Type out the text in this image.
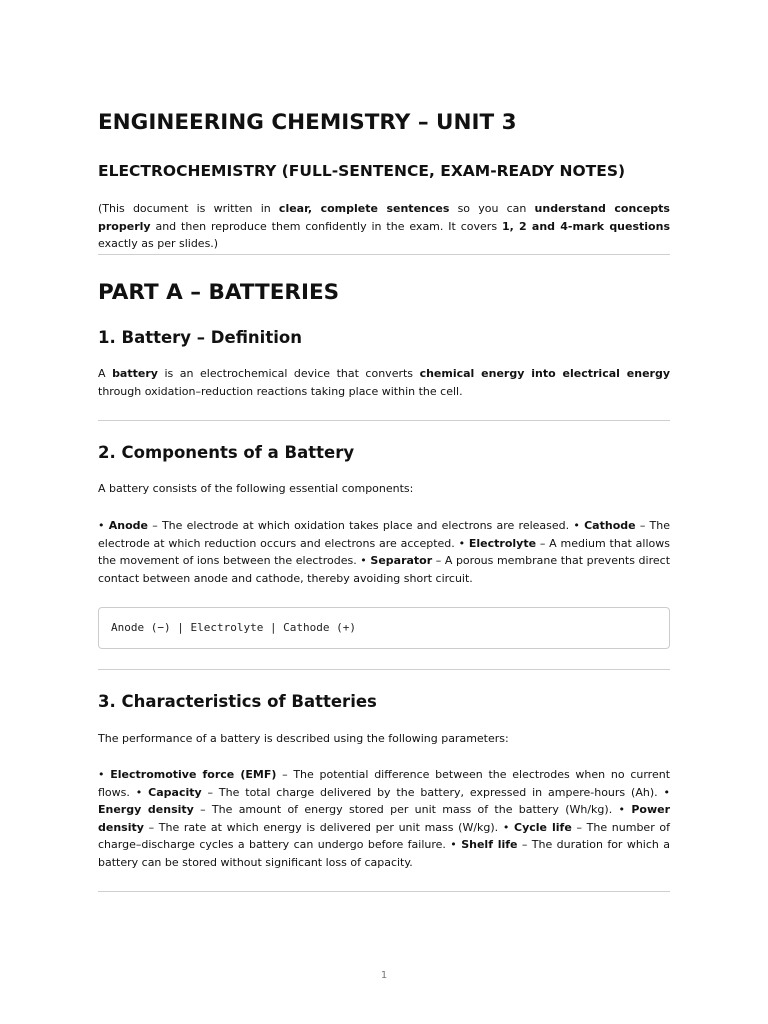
ENGINEERING CHEMISTRY – UNIT 3
ELECTROCHEMISTRY (FULL-SENTENCE, EXAM-READY NOTES)

(This document is written in clear, complete sentences so you can understand concepts properly and then reproduce them confidently in the exam. It covers 1, 2 and 4-mark questions exactly as per slides.)

PART A – BATTERIES
1. Battery – Definition

A battery is an electrochemical device that converts chemical energy into electrical energy through oxidation–reduction reactions taking place within the cell.

2. Components of a Battery

A battery consists of the following essential components:

• Anode – The electrode at which oxidation takes place and electrons are released. • Cathode – The electrode at which reduction occurs and electrons are accepted. • Electrolyte – A medium that allows the movement of ions between the electrodes. • Separator – A porous membrane that prevents direct contact between anode and cathode, thereby avoiding short circuit.

Anode (−) | Electrolyte | Cathode (+)
3. Characteristics of Batteries

The performance of a battery is described using the following parameters:

• Electromotive force (EMF) – The potential difference between the electrodes when no current flows. • Capacity – The total charge delivered by the battery, expressed in ampere-hours (Ah). • Energy density – The amount of energy stored per unit mass of the battery (Wh/kg). • Power density – The rate at which energy is delivered per unit mass (W/kg). • Cycle life – The number of charge–discharge cycles a battery can undergo before failure. • Shelf life – The duration for which a battery can be stored without significant loss of capacity.

1
